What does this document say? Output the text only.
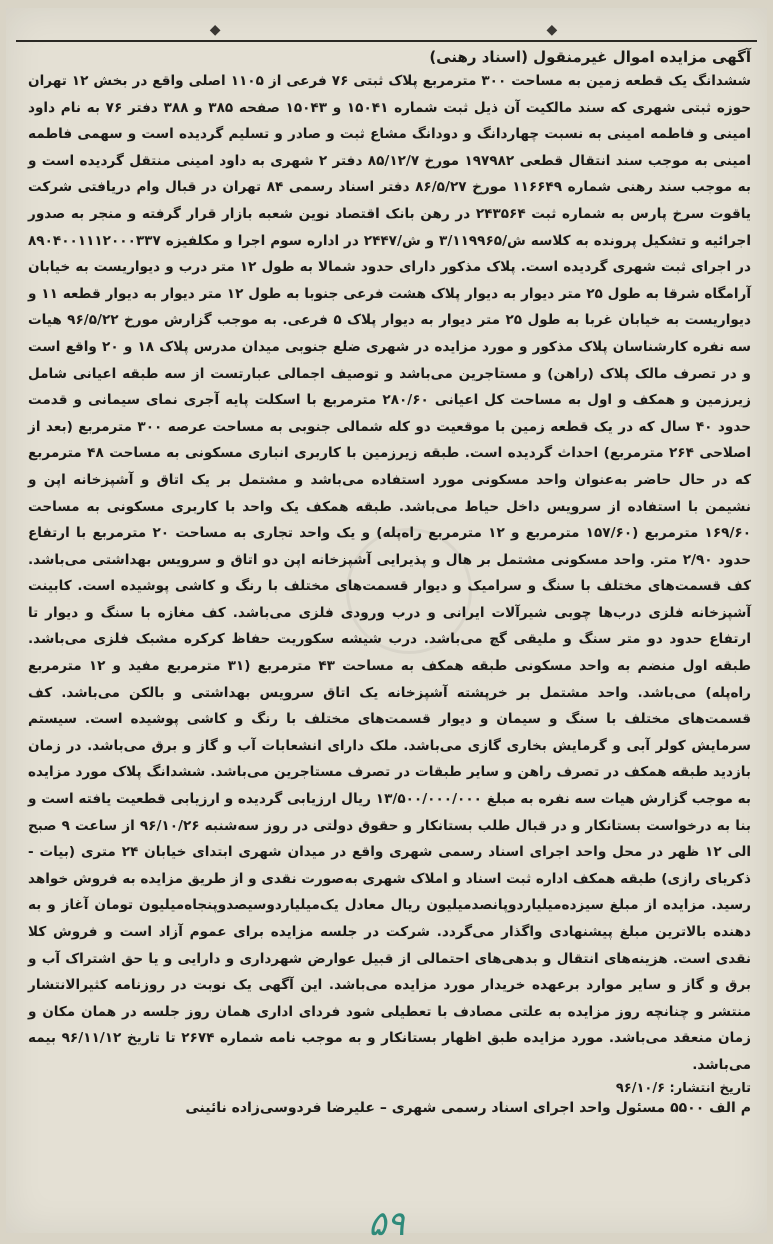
◆	◆
آگهی مزایده اموال غیرمنقول (اسناد رهنی)

ششدانگ یک قطعه زمین به مساحت ۳۰۰ مترمربع پلاک ثبتی ۷۶ فرعی از ۱۱۰۵ اصلی واقع در بخش ۱۲ تهران حوزه ثبتی شهری که سند مالکیت آن ذیل ثبت شماره ۱۵۰۴۱ و ۱۵۰۴۳ صفحه ۳۸۵ و ۳۸۸ دفتر ۷۶ به نام داود امینی و فاطمه امینی به نسبت چهاردانگ و دودانگ مشاع ثبت و صادر و تسلیم گردیده است و سهمی فاطمه امینی به موجب سند انتقال قطعی ۱۹۷۹۸۲ مورخ ۸۵/۱۲/۷ دفتر ۲ شهری به داود امینی منتقل گردیده است و به موجب سند رهنی شماره ۱۱۶۶۴۹ مورخ ۸۶/۵/۲۷ دفتر اسناد رسمی ۸۴ تهران در قبال وام دریافتی شرکت یاقوت سرخ پارس به شماره ثبت ۲۴۳۵۶۴ در رهن بانک اقتصاد نوین شعبه بازار قرار گرفته و منجر به صدور اجرائیه و تشکیل پرونده به کلاسه ش/۳/۱۱۹۹۶۵ و ش/۲۴۴۷ در اداره سوم اجرا و مکلفیزه ۸۹۰۴۰۰۱۱۱۲۰۰۰۳۳۷ در اجرای ثبت شهری گردیده است. پلاک مذکور دارای حدود شمالا به طول ۱۲ متر درب و دیواریست به خیابان آرامگاه شرقا به طول ۲۵ متر دیوار به دیوار پلاک هشت فرعی جنوبا به طول ۱۲ متر دیوار به دیوار قطعه ۱۱ و دیواریست به خیابان غربا به طول ۲۵ متر دیوار به دیوار پلاک ۵ فرعی. به موجب گزارش مورخ ۹۶/۵/۲۲ هیات سه نفره کارشناسان پلاک مذکور و مورد مزایده در شهری ضلع جنوبی میدان مدرس پلاک ۱۸ و ۲۰ واقع است و در تصرف مالک پلاک (راهن) و مستاجرین می‌باشد و توصیف اجمالی عبارتست از سه طبقه اعیانی شامل زیرزمین و همکف و اول به مساحت کل اعیانی ۲۸۰/۶۰ مترمربع با اسکلت پایه آجری نمای سیمانی و قدمت حدود ۴۰ سال که در یک قطعه زمین با موقعیت دو کله شمالی جنوبی به مساحت عرصه ۳۰۰ مترمربع (بعد از اصلاحی ۲۶۴ مترمربع) احداث گردیده است. طبقه زیرزمین با کاربری انباری مسکونی به مساحت ۴۸ مترمربع که در حال حاضر به‌عنوان واحد مسکونی مورد استفاده می‌باشد و مشتمل بر یک اتاق و آشپزخانه اپن و نشیمن با استفاده از سرویس داخل حیاط می‌باشد. طبقه همکف یک واحد با کاربری مسکونی به مساحت ۱۶۹/۶۰ مترمربع (۱۵۷/۶۰ مترمربع و ۱۲ مترمربع راه‌پله) و یک واحد تجاری به مساحت ۲۰ مترمربع با ارتفاع حدود ۲/۹۰ متر. واحد مسکونی مشتمل بر هال و پذیرایی آشپزخانه اپن دو اتاق و سرویس بهداشتی می‌باشد. کف قسمت‌های مختلف با سنگ و سرامیک و دیوار قسمت‌های مختلف با رنگ و کاشی پوشیده است. کابینت آشپزخانه فلزی درب‌ها چوبی شیرآلات ایرانی و درب ورودی فلزی می‌باشد. کف مغازه با سنگ و دیوار تا ارتفاع حدود دو متر سنگ و ملیقی گچ می‌باشد. درب شیشه سکوریت حفاظ کرکره مشبک فلزی می‌باشد. طبقه اول منضم به واحد مسکونی طبقه همکف به مساحت ۴۳ مترمربع (۳۱ مترمربع مفید و ۱۲ مترمربع راه‌پله) می‌باشد. واحد مشتمل بر خرپشته آشپزخانه یک اتاق سرویس بهداشتی و بالکن می‌باشد. کف قسمت‌های مختلف با سنگ و سیمان و دیوار قسمت‌های مختلف با رنگ و کاشی پوشیده است. سیستم سرمایش کولر آبی و گرمایش بخاری گازی می‌باشد. ملک دارای انشعابات آب و گاز و برق می‌باشد. در زمان بازدید طبقه همکف در تصرف راهن و سایر طبقات در تصرف مستاجرین می‌باشد. ششدانگ پلاک مورد مزایده به موجب گزارش هیات سه نفره به مبلغ ۱۳/۵۰۰/۰۰۰/۰۰۰ ریال ارزیابی گردیده و ارزیابی قطعیت یافته است و بنا به درخواست بستانکار و در قبال طلب بستانکار و حقوق دولتی در روز سه‌شنبه ۹۶/۱۰/۲۶ از ساعت ۹ صبح الی ۱۲ ظهر در محل واحد اجرای اسناد رسمی شهری واقع در میدان شهری ابتدای خیابان ۲۴ متری (بیات - ذکریای رازی) طبقه همکف اداره ثبت اسناد و املاک شهری به‌صورت نقدی و از طریق مزایده به فروش خواهد رسید. مزایده از مبلغ سیزده‌میلیاردوپانصدمیلیون ریال معادل یک‌میلیاردوسیصدوپنجاه‌میلیون تومان آغاز و به دهنده بالاترین مبلغ پیشنهادی واگذار می‌گردد. شرکت در جلسه مزایده برای عموم آزاد است و فروش کلا نقدی است. هزینه‌های انتقال و بدهی‌های احتمالی از قبیل عوارض شهرداری و دارایی و یا حق اشتراک آب و برق و گاز و سایر موارد برعهده خریدار مورد مزایده می‌باشد. این آگهی یک نوبت در روزنامه کثیرالانتشار منتشر و چنانچه روز مزایده به علتی مصادف با تعطیلی شود فردای اداری همان روز جلسه در همان مکان و زمان منعقد می‌باشد. مورد مزایده طبق اظهار بستانکار و به موجب نامه شماره ۲۶۷۴ تا تاریخ ۹۶/۱۱/۱۲ بیمه می‌باشد.

تاریخ انتشار: ۹۶/۱۰/۶
م الف ۵۵۰۰ مسئول واحد اجرای اسناد رسمی شهری – علیرضا فردوسی‌زاده نائینی
۵۹
